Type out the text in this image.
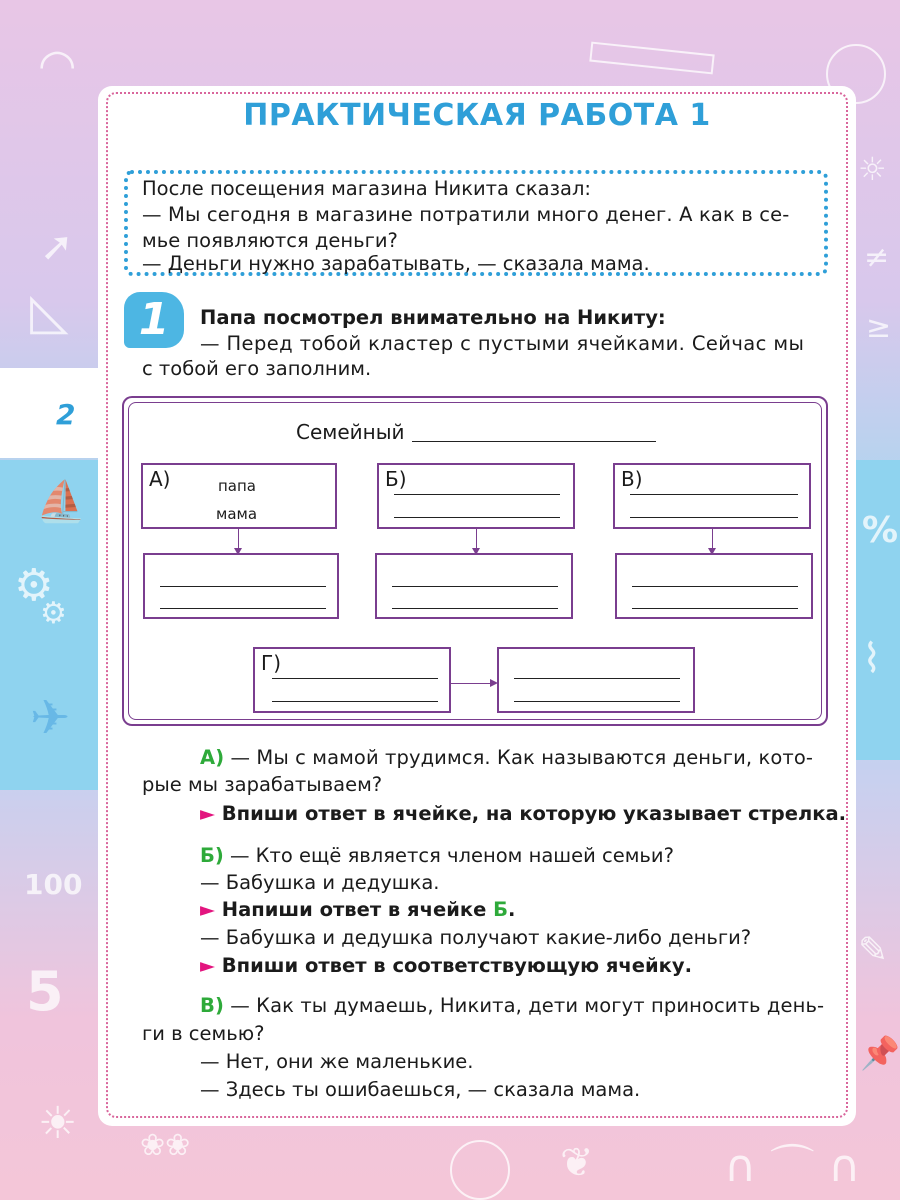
◠
➚
◺
☼
≠
≥
⛵
⚙
⚙
%
⌇
✈
100
5
✎
📌
☀
❦
❀❀	∩ ⌒ ∩
ПРАКТИЧЕСКАЯ РАБОТА 1
2
После посещения магазина Никита сказал:
— Мы сегодня в магазине потратили много денег. А как в се-
мье появляются деньги?
— Деньги нужно зарабатывать, — сказала мама.
1	Папа посмотрел внимательно на Никиту:
— Перед тобой кластер с пустыми ячейками. Сейчас мы
с тобой его заполним.
Семейный
А)	папа
мама
Б)	В)
Г)
А) — Мы с мамой трудимся. Как называются деньги, кото-
рые мы зарабатываем?
► Впиши ответ в ячейке, на которую указывает стрелка.
Б) — Кто ещё является членом нашей семьи?
— Бабушка и дедушка.
► Напиши ответ в ячейке Б.
— Бабушка и дедушка получают какие-либо деньги?
► Впиши ответ в соответствующую ячейку.
В) — Как ты думаешь, Никита, дети могут приносить день-
ги в семью?
— Нет, они же маленькие.
— Здесь ты ошибаешься, — сказала мама.
